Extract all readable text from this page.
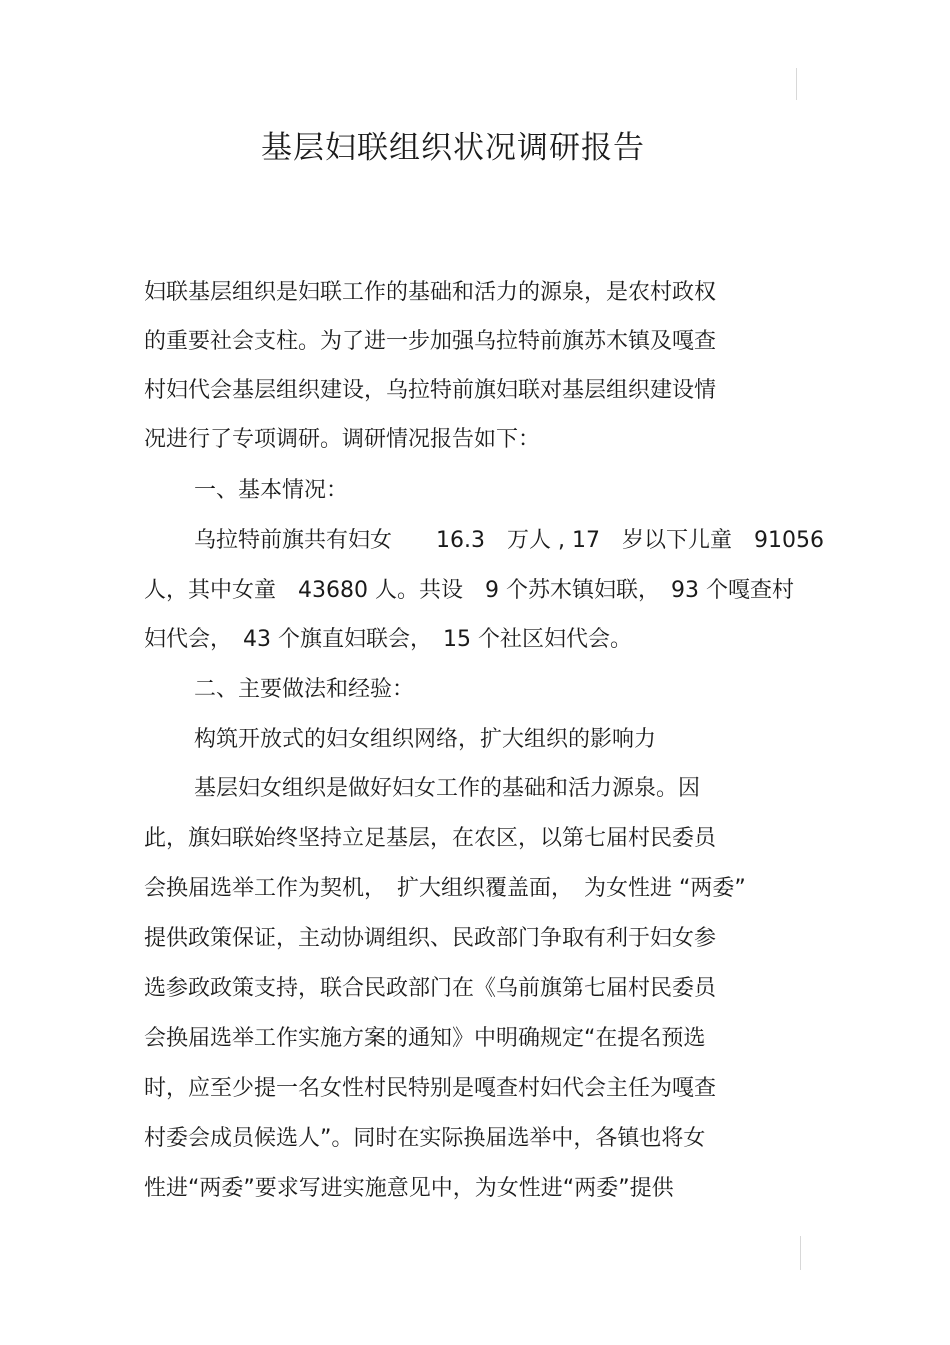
基层妇联组织状况调研报告

妇联基层组织是妇联工作的基础和活力的源泉，是农村政权

的重要社会支柱。为了进一步加强乌拉特前旗苏木镇及嘎查

村妇代会基层组织建设，乌拉特前旗妇联对基层组织建设情

况进行了专项调研。调研情况报告如下：

一、基本情况：

乌拉特前旗共有妇女　　16.3　万人 , 17　岁以下儿童　91056

人，其中女童　43680 人。共设　9 个苏木镇妇联，　93 个嘎查村

妇代会，　43 个旗直妇联会，　15 个社区妇代会。

二、主要做法和经验：

构筑开放式的妇女组织网络，扩大组织的影响力

基层妇女组织是做好妇女工作的基础和活力源泉。因

此，旗妇联始终坚持立足基层，在农区，以第七届村民委员

会换届选举工作为契机，　扩大组织覆盖面，　为女性进 “两委”

提供政策保证，主动协调组织、民政部门争取有利于妇女参

选参政政策支持，联合民政部门在《乌前旗第七届村民委员

会换届选举工作实施方案的通知》中明确规定“在提名预选

时，应至少提一名女性村民特别是嘎查村妇代会主任为嘎查

村委会成员候选人”。同时在实际换届选举中，各镇也将女

性进“两委”要求写进实施意见中，为女性进“两委”提供
